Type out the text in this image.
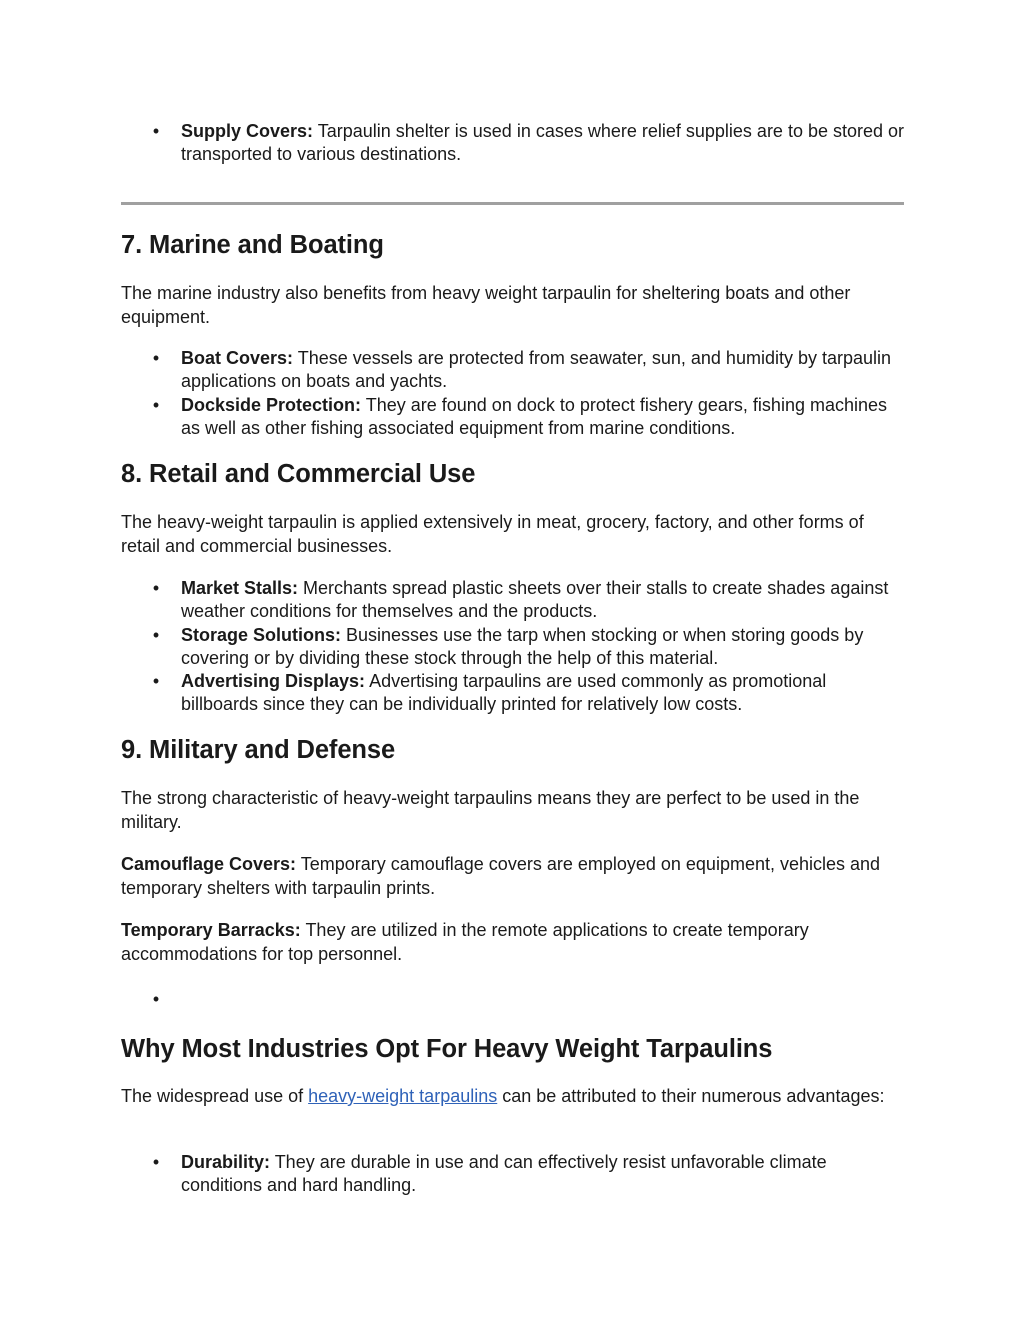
• Supply Covers: Tarpaulin shelter is used in cases where relief supplies are to be stored or transported to various destinations.
7. Marine and Boating

The marine industry also benefits from heavy weight tarpaulin for sheltering boats and other equipment.

• Boat Covers: These vessels are protected from seawater, sun, and humidity by tarpaulin applications on boats and yachts.
• Dockside Protection: They are found on dock to protect fishery gears, fishing machines as well as other fishing associated equipment from marine conditions.
8. Retail and Commercial Use

The heavy-weight tarpaulin is applied extensively in meat, grocery, factory, and other forms of retail and commercial businesses.

• Market Stalls: Merchants spread plastic sheets over their stalls to create shades against weather conditions for themselves and the products.
• Storage Solutions: Businesses use the tarp when stocking or when storing goods by covering or by dividing these stock through the help of this material.
• Advertising Displays: Advertising tarpaulins are used commonly as promotional billboards since they can be individually printed for relatively low costs.
9. Military and Defense

The strong characteristic of heavy-weight tarpaulins means they are perfect to be used in the military.

Camouflage Covers: Temporary camouflage covers are employed on equipment, vehicles and temporary shelters with tarpaulin prints.

Temporary Barracks: They are utilized in the remote applications to create temporary accommodations for top personnel.

•
Why Most Industries Opt For Heavy Weight Tarpaulins

The widespread use of heavy-weight tarpaulins can be attributed to their numerous advantages:

• Durability: They are durable in use and can effectively resist unfavorable climate conditions and hard handling.
